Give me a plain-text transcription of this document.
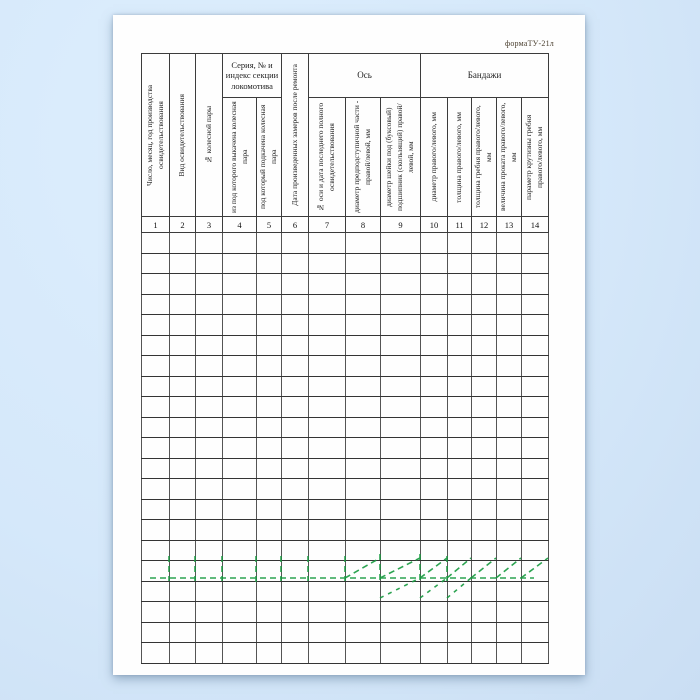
формаТУ-21л
Число, месяц, год производства освидетельствования	Вид освидетельствования	№ колесной пары	Серия, № и индекс секции локомотива		Дата произведенных замеров после ремонта	Ось			Бандажи				

			из под которого выкачена колесная пара	под который подкачена колесная пара		№ оси и дата последнего полного освидетельствования	диаметр предподступичной части - правой/левой, мм	диаметр шейки под (буксовый) подшипник (скользящий) правой/левой, мм	диаметр правого/левого, мм	толщина правого/левого, мм	толщина гребня правого/левого, мм	величина проката правого/левого, мм	параметр крутизны гребня правого/левого, мм

1	2	3	4	5	6	7	8	9	10	11	12	13	14
